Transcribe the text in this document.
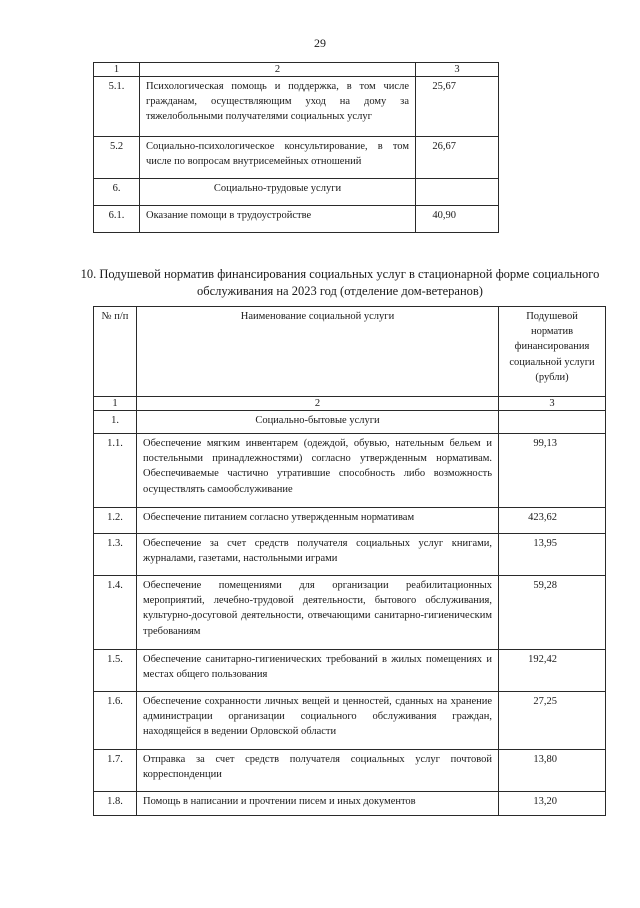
29
1	2	3
5.1.	Психологическая помощь и поддержка, в том числе гражданам, осуществляющим уход на дому за тяжелобольными получателями социальных услуг	25,67
5.2	Социально-психологическое консультирование, в том числе по вопросам внутрисемейных отношений	26,67
6.	Социально-трудовые услуги	
6.1.	Оказание помощи в трудоустройстве	40,90
10. Подушевой норматив финансирования социальных услуг в стационарной форме социального обслуживания на 2023 год (отделение дом-ветеранов)
№ п/п	Наименование социальной услуги	Подушевой норматив финансирования социальной услуги (рубли)
1	2	3
1.	Социально-бытовые услуги	
1.1.	Обеспечение мягким инвентарем (одеждой, обувью, нательным бельем и постельными принадлежностями) согласно утвержденным нормативам. Обеспечиваемые частично утратившие способность либо возможность осуществлять самообслуживание	99,13
1.2.	Обеспечение питанием согласно утвержденным нормативам	423,62
1.3.	Обеспечение за счет средств получателя социальных услуг книгами, журналами, газетами, настольными играми	13,95
1.4.	Обеспечение помещениями для организации реабилитационных мероприятий, лечебно-трудовой деятельности, бытового обслуживания, культурно-досуговой деятельности, отвечающими санитарно-гигиеническим требованиям	59,28
1.5.	Обеспечение санитарно-гигиенических требований в жилых помещениях и местах общего пользования	192,42
1.6.	Обеспечение сохранности личных вещей и ценностей, сданных на хранение администрации организации социального обслуживания граждан, находящейся в ведении Орловской области	27,25
1.7.	Отправка за счет средств получателя социальных услуг почтовой корреспонденции	13,80
1.8.	Помощь в написании и прочтении писем и иных документов	13,20
